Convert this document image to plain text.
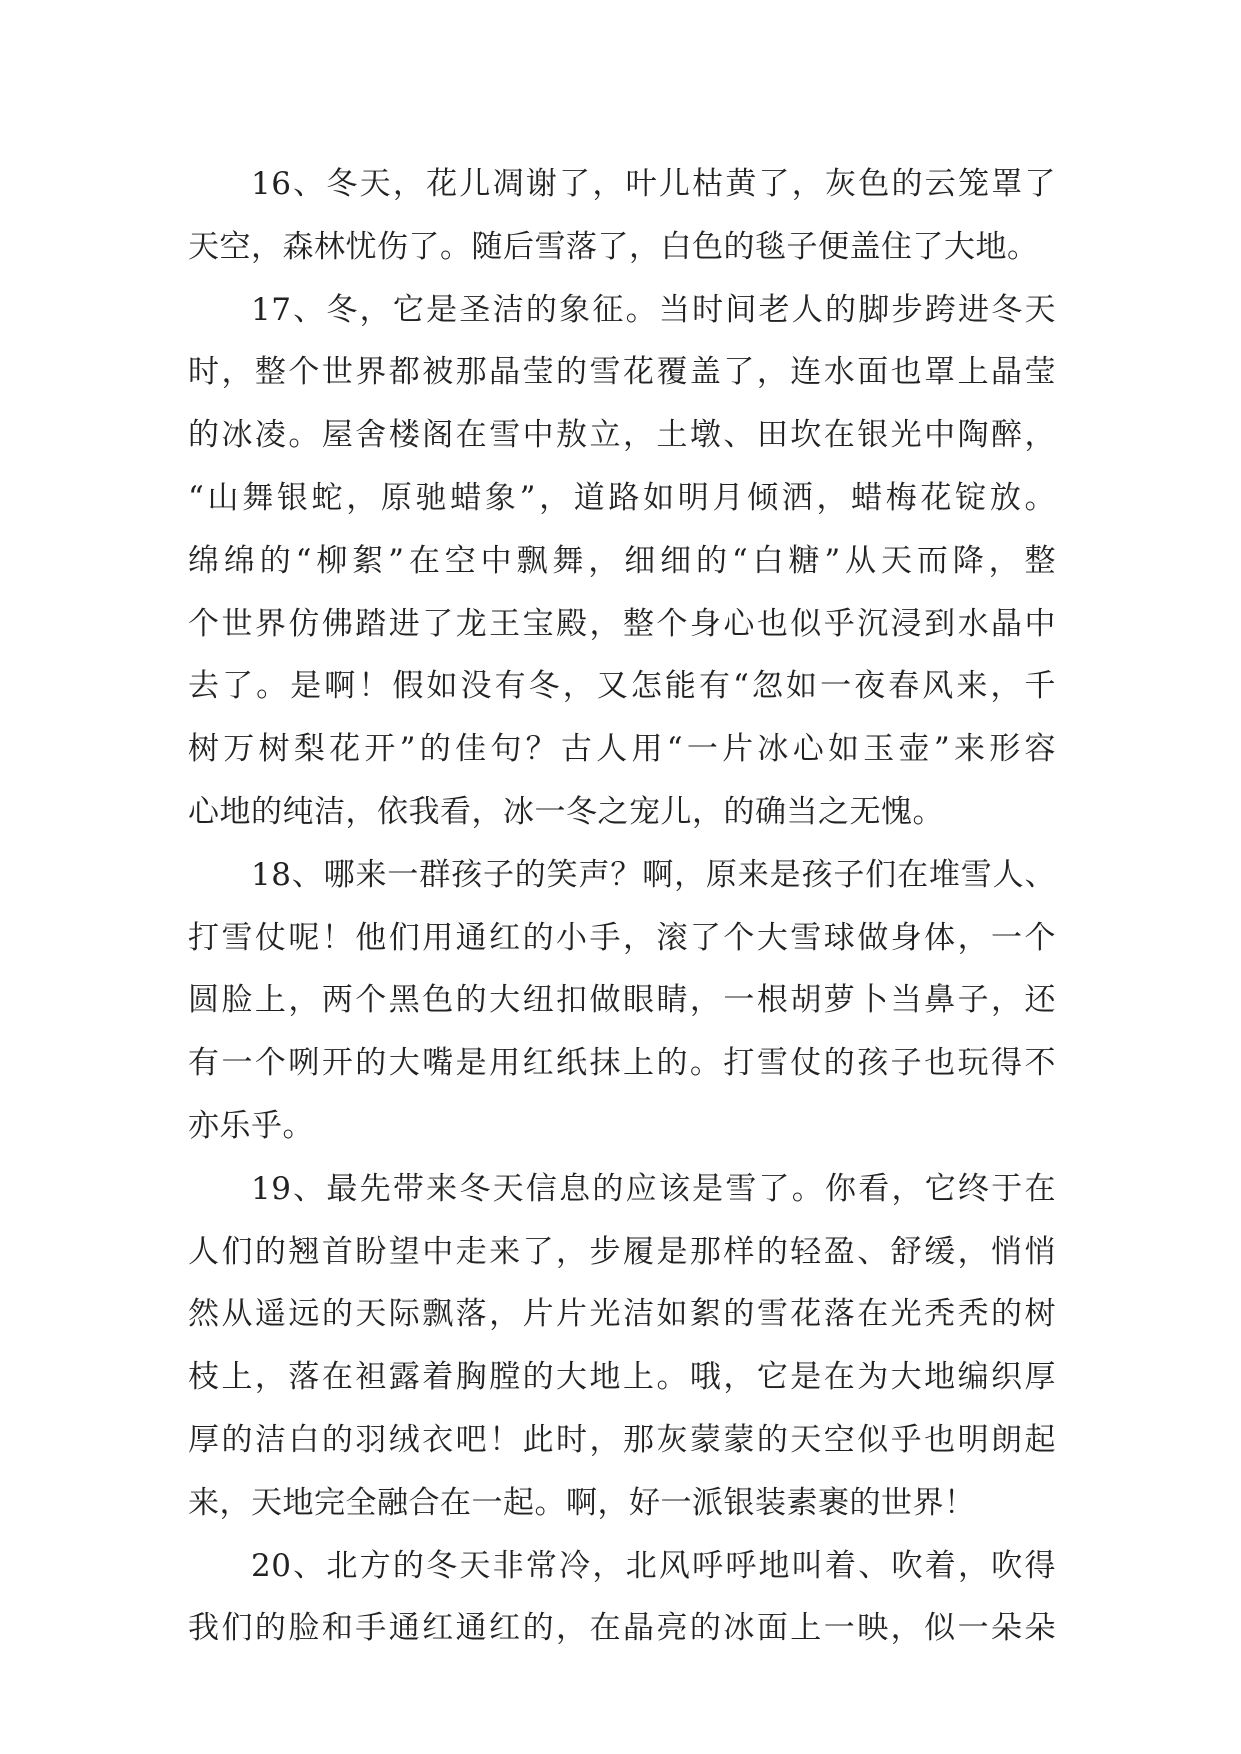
16、冬天，花儿凋谢了，叶儿枯黄了，灰色的云笼罩了
天空，森林忧伤了。随后雪落了，白色的毯子便盖住了大地。
17、冬，它是圣洁的象征。当时间老人的脚步跨进冬天
时，整个世界都被那晶莹的雪花覆盖了，连水面也罩上晶莹
的冰凌。屋舍楼阁在雪中敖立，土墩、田坎在银光中陶醉，
“山舞银蛇，原驰蜡象”，道路如明月倾洒，蜡梅花锭放。
绵绵的“柳絮”在空中飘舞，细细的“白糖”从天而降，整
个世界仿佛踏进了龙王宝殿，整个身心也似乎沉浸到水晶中
去了。是啊！假如没有冬，又怎能有“忽如一夜春风来，千
树万树梨花开”的佳句？古人用“一片冰心如玉壶”来形容
心地的纯洁，依我看，冰一冬之宠儿，的确当之无愧。
18、哪来一群孩子的笑声？啊，原来是孩子们在堆雪人、
打雪仗呢！他们用通红的小手，滚了个大雪球做身体，一个
圆脸上，两个黑色的大纽扣做眼睛，一根胡萝卜当鼻子，还
有一个咧开的大嘴是用红纸抹上的。打雪仗的孩子也玩得不
亦乐乎。
19、最先带来冬天信息的应该是雪了。你看，它终于在
人们的翘首盼望中走来了，步履是那样的轻盈、舒缓，悄悄
然从遥远的天际飘落，片片光洁如絮的雪花落在光秃秃的树
枝上，落在袒露着胸膛的大地上。哦，它是在为大地编织厚
厚的洁白的羽绒衣吧！此时，那灰蒙蒙的天空似乎也明朗起
来，天地完全融合在一起。啊，好一派银装素裹的世界！
20、北方的冬天非常冷，北风呼呼地叫着、吹着，吹得
我们的脸和手通红通红的，在晶亮的冰面上一映，似一朵朵
